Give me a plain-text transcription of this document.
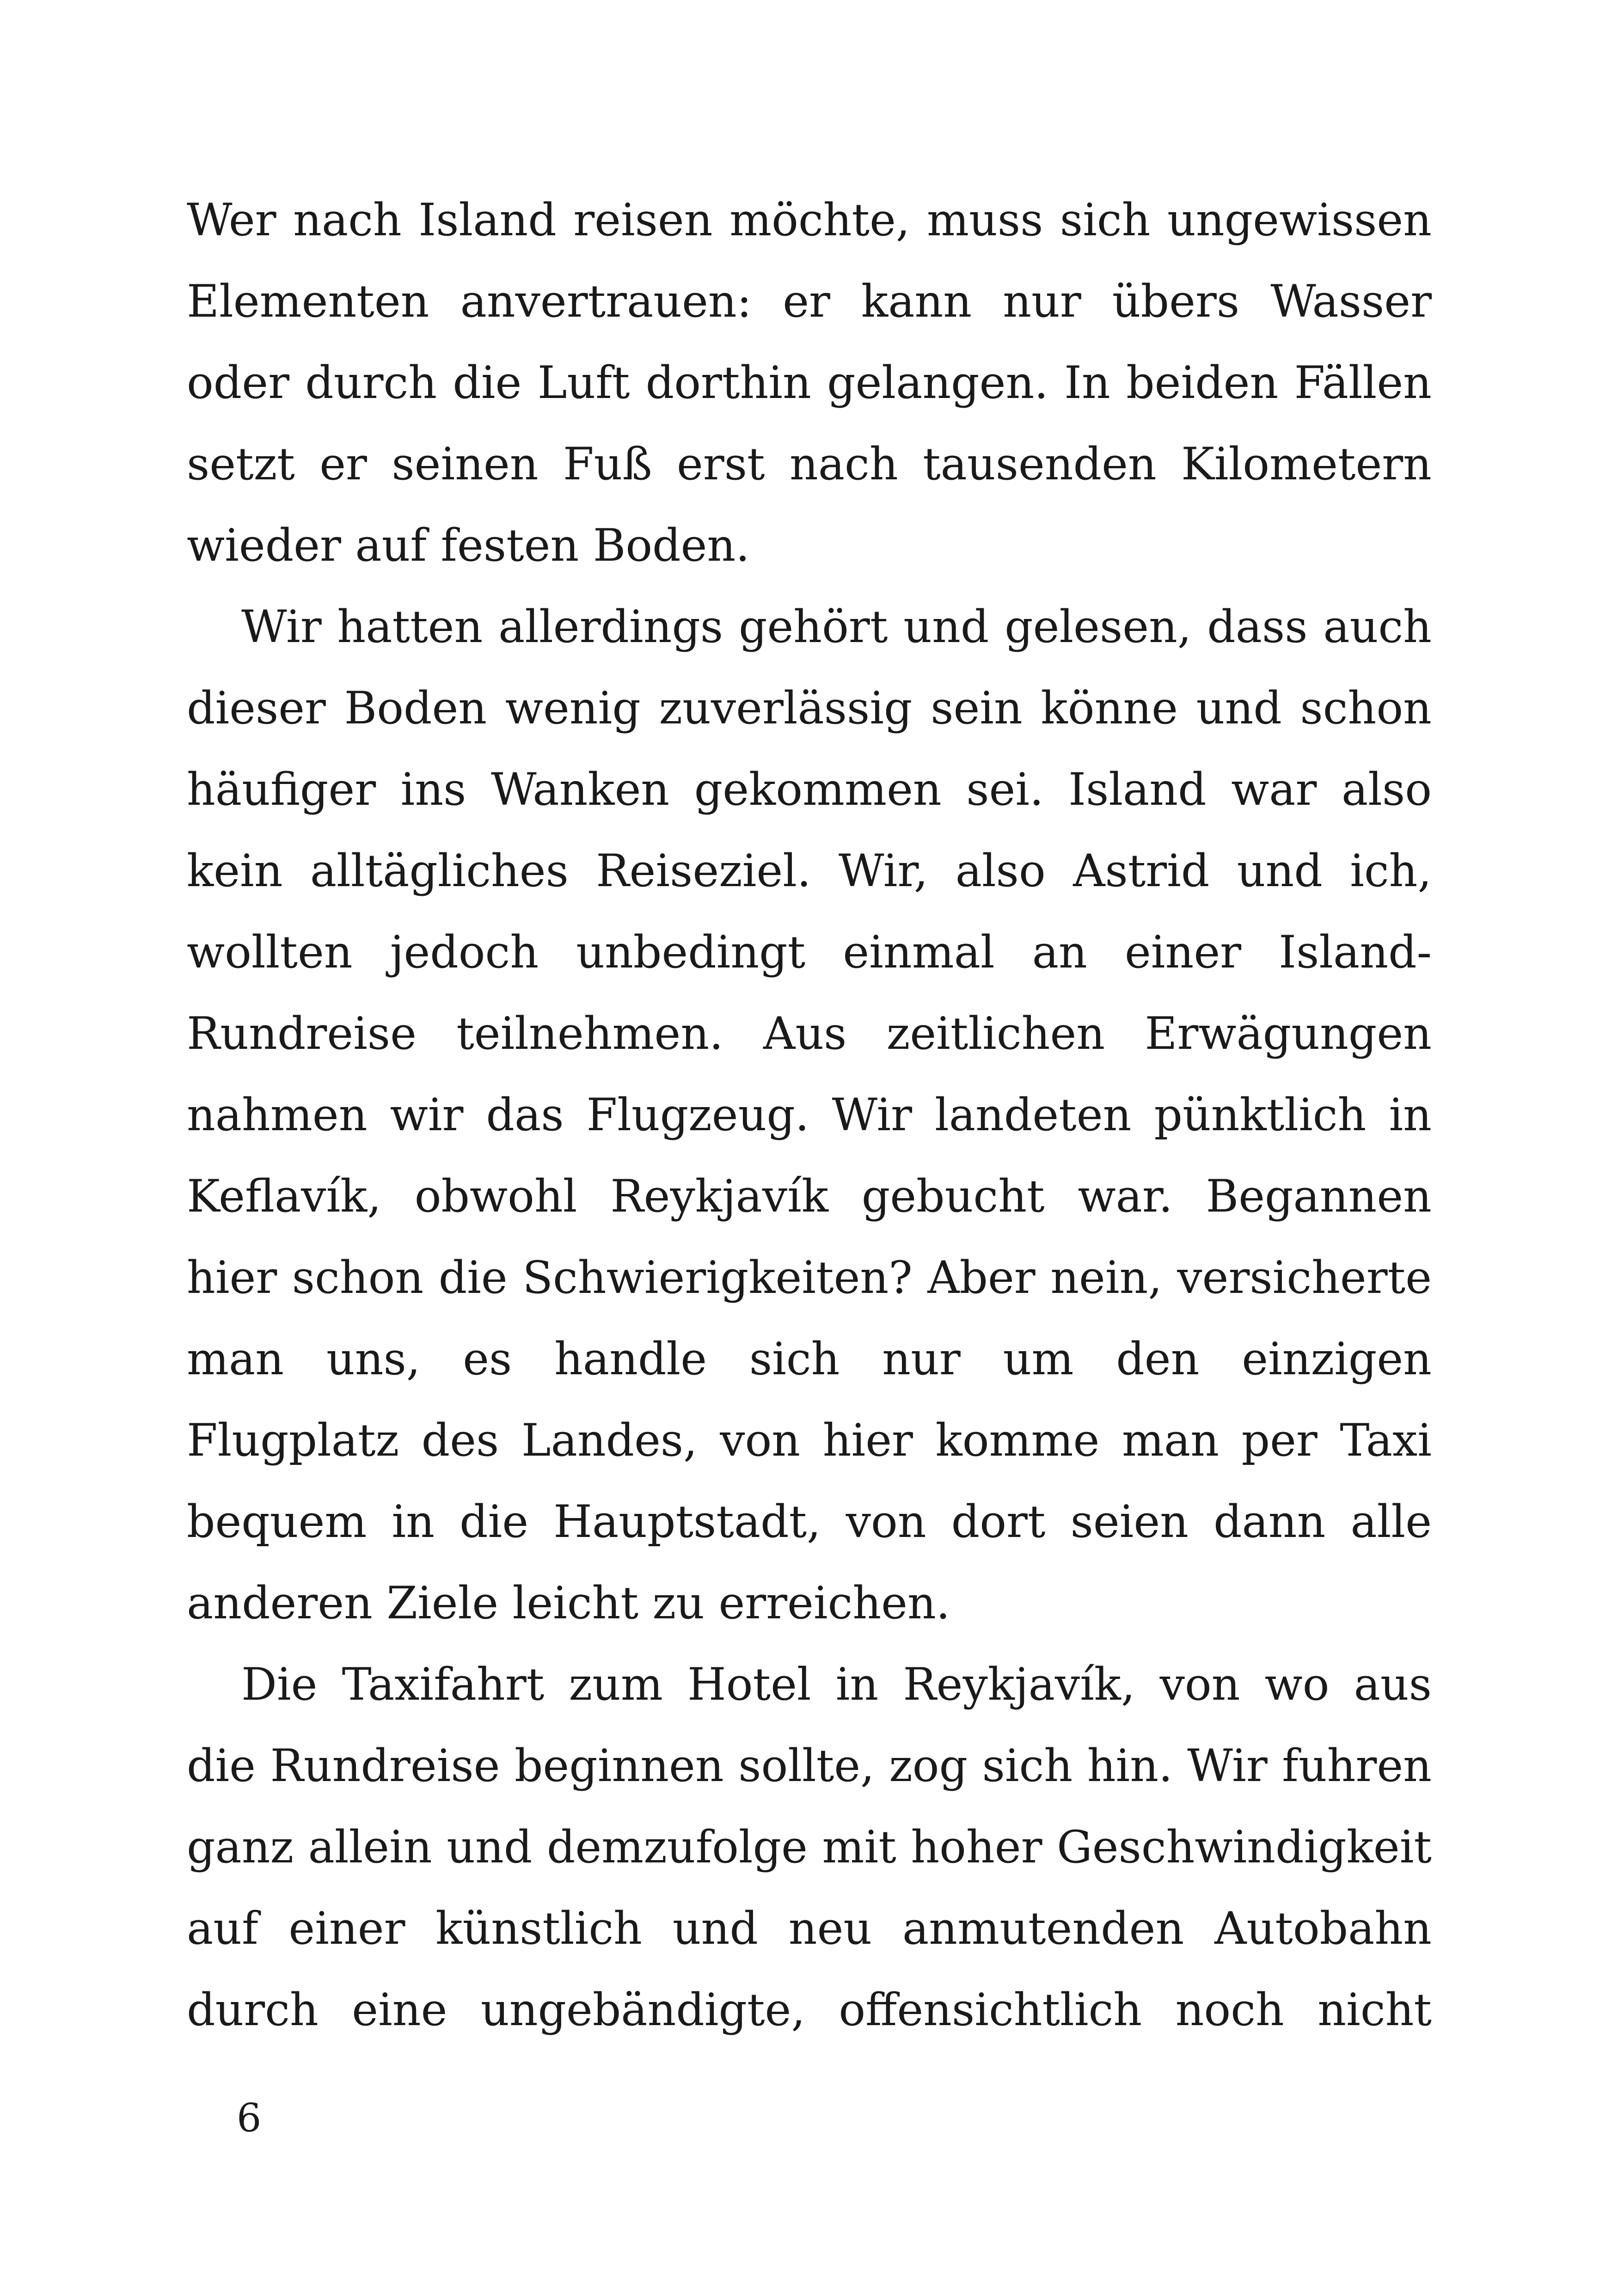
Wer nach Island reisen möchte, muss sich ungewissen
Elementen anvertrauen: er kann nur übers Wasser
oder durch die Luft dorthin gelangen. In beiden Fällen
setzt er seinen Fuß erst nach tausenden Kilometern
wieder auf festen Boden.

Wir hatten allerdings gehört und gelesen, dass auch
dieser Boden wenig zuverlässig sein könne und schon
häufiger ins Wanken gekommen sei. Island war also
kein alltägliches Reiseziel. Wir, also Astrid und ich,
wollten jedoch unbedingt einmal an einer Island-
Rundreise teilnehmen. Aus zeitlichen Erwägungen
nahmen wir das Flugzeug. Wir landeten pünktlich in
Keflavík, obwohl Reykjavík gebucht war. Begannen
hier schon die Schwierigkeiten? Aber nein, versicherte
man uns, es handle sich nur um den einzigen
Flugplatz des Landes, von hier komme man per Taxi
bequem in die Hauptstadt, von dort seien dann alle
anderen Ziele leicht zu erreichen.

Die Taxifahrt zum Hotel in Reykjavík, von wo aus
die Rundreise beginnen sollte, zog sich hin. Wir fuhren
ganz allein und demzufolge mit hoher Geschwindigkeit
auf einer künstlich und neu anmutenden Autobahn
durch eine ungebändigte, offensichtlich noch nicht

6
